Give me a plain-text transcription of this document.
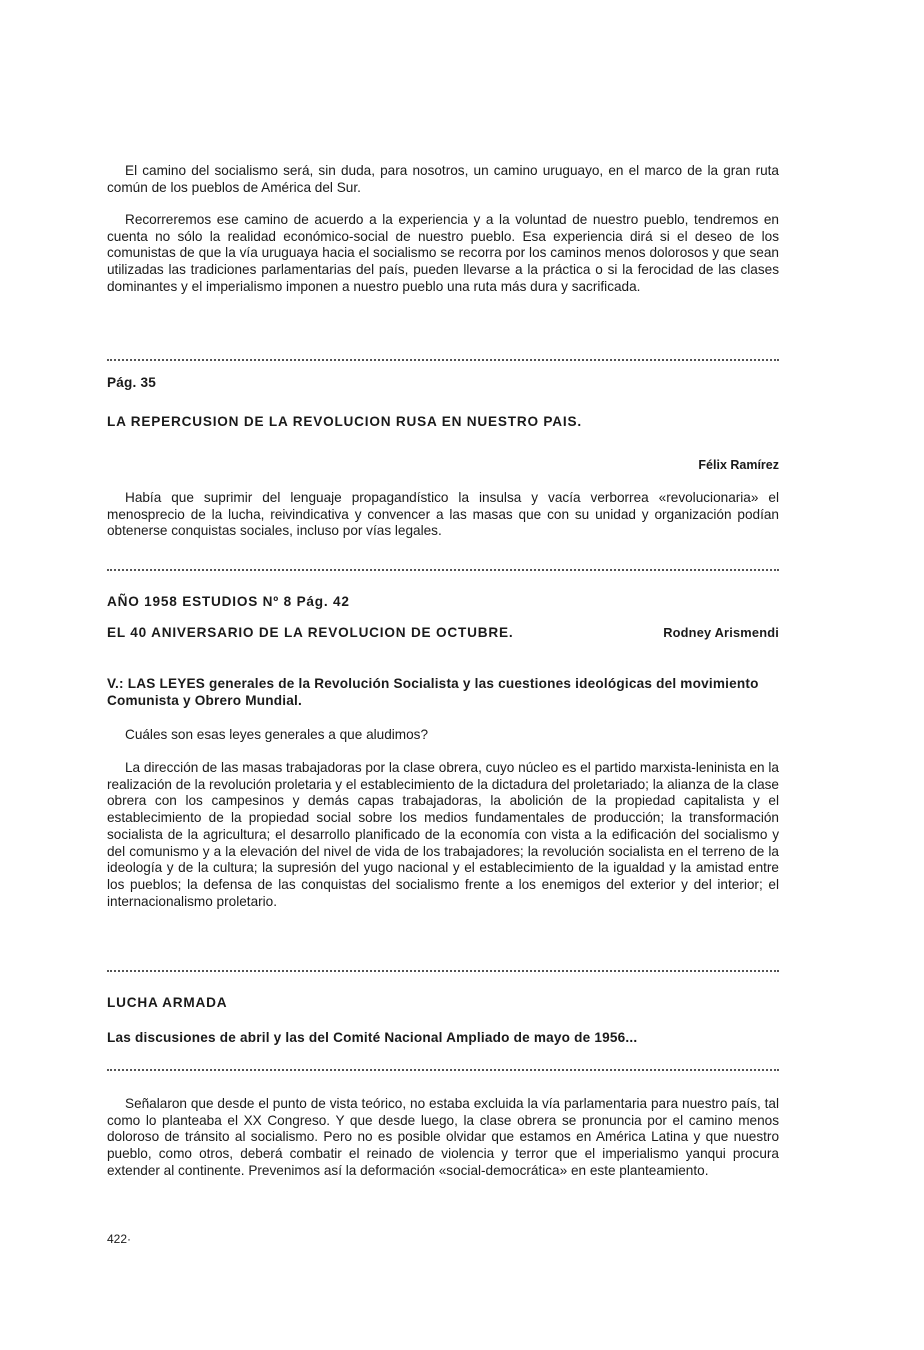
El camino del socialismo será, sin duda, para nosotros, un camino uruguayo, en el marco de la gran ruta común de los pueblos de América del Sur.

Recorreremos ese camino de acuerdo a la experiencia y a la voluntad de nuestro pueblo, tendremos en cuenta no sólo la realidad económico-social de nuestro pueblo. Esa experiencia dirá si el deseo de los comunistas de que la vía uruguaya hacia el socialismo se recorra por los caminos menos dolorosos y que sean utilizadas las tradiciones parlamentarias del país, pueden llevarse a la práctica o si la ferocidad de las clases dominantes y el imperialismo imponen a nuestro pueblo una ruta más dura y sacrificada.

Pág. 35
LA REPERCUSION DE LA REVOLUCION RUSA EN NUESTRO PAIS.
Félix Ramírez

Había que suprimir del lenguaje propagandístico la insulsa y vacía verborrea «revolucionaria» el menosprecio de la lucha, reivindicativa y convencer a las masas que con su unidad y organización podían obtenerse conquistas sociales, incluso por vías legales.

AÑO 1958 ESTUDIOS Nº 8 Pág. 42
EL 40 ANIVERSARIO DE LA REVOLUCION DE OCTUBRE.	Rodney Arismendi

V.: LAS LEYES generales de la Revolución Socialista y las cuestiones ideológicas del movimiento Comunista y Obrero Mundial.

Cuáles son esas leyes generales a que aludimos?

La dirección de las masas trabajadoras por la clase obrera, cuyo núcleo es el partido marxista-leninista en la realización de la revolución proletaria y el establecimiento de la dictadura del proletariado; la alianza de la clase obrera con los campesinos y demás capas trabajadoras, la abolición de la propiedad capitalista y el establecimiento de la propiedad social sobre los medios fundamentales de producción; la transformación socialista de la agricultura; el desarrollo planificado de la economía con vista a la edificación del socialismo y del comunismo y a la elevación del nivel de vida de los trabajadores; la revolución socialista en el terreno de la ideología y de la cultura; la supresión del yugo nacional y el establecimiento de la igualdad y la amistad entre los pueblos; la defensa de las conquistas del socialismo frente a los enemigos del exterior y del interior; el internacionalismo proletario.

LUCHA ARMADA
Las discusiones de abril y las del Comité Nacional Ampliado de mayo de 1956...

Señalaron que desde el punto de vista teórico, no estaba excluida la vía parlamentaria para nuestro país, tal como lo planteaba el XX Congreso. Y que desde luego, la clase obrera se pronuncia por el camino menos doloroso de tránsito al socialismo. Pero no es posible olvidar que estamos en América Latina y que nuestro pueblo, como otros, deberá combatir el reinado de violencia y terror que el imperialismo yanqui procura extender al continente. Prevenimos así la deformación «social-democrática» en este planteamiento.

422·
